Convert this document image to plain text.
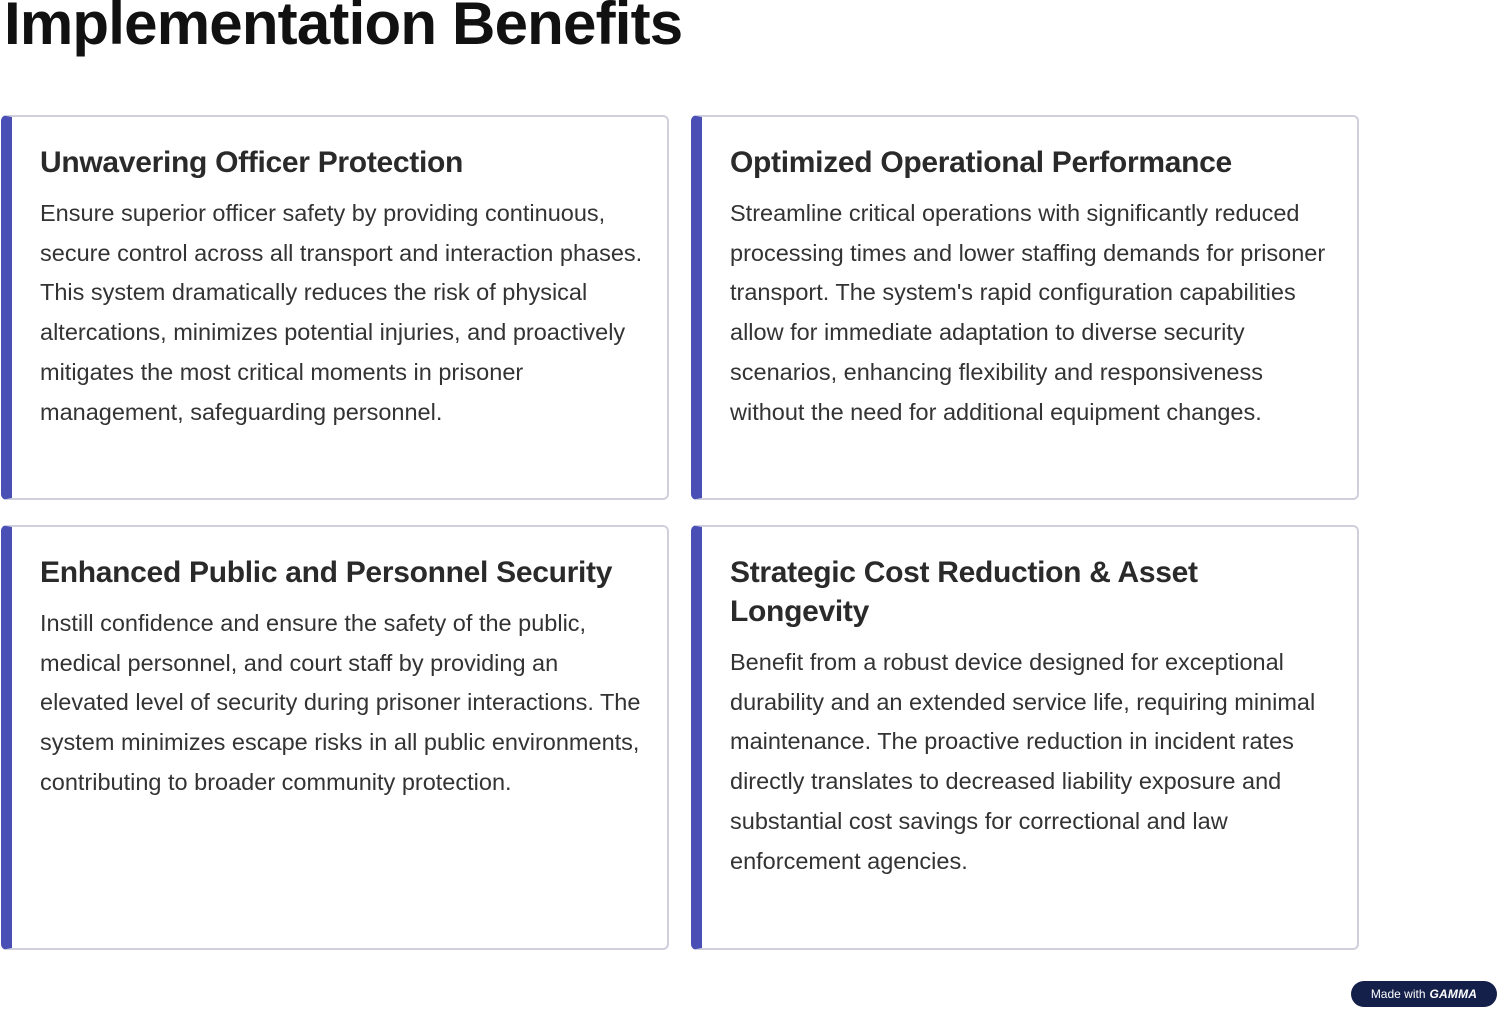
Implementation Benefits
Unwavering Officer Protection

Ensure superior officer safety by providing continuous, secure control across all transport and interaction phases. This system dramatically reduces the risk of physical altercations, minimizes potential injuries, and proactively mitigates the most critical moments in prisoner management, safeguarding personnel.

Optimized Operational Performance

Streamline critical operations with significantly reduced processing times and lower staffing demands for prisoner transport. The system's rapid configuration capabilities allow for immediate adaptation to diverse security scenarios, enhancing flexibility and responsiveness without the need for additional equipment changes.

Enhanced Public and Personnel Security

Instill confidence and ensure the safety of the public, medical personnel, and court staff by providing an elevated level of security during prisoner interactions. The system minimizes escape risks in all public environments, contributing to broader community protection.

Strategic Cost Reduction & Asset Longevity

Benefit from a robust device designed for exceptional durability and an extended service life, requiring minimal maintenance. The proactive reduction in incident rates directly translates to decreased liability exposure and substantial cost savings for correctional and law enforcement agencies.

Made with GAMMA
